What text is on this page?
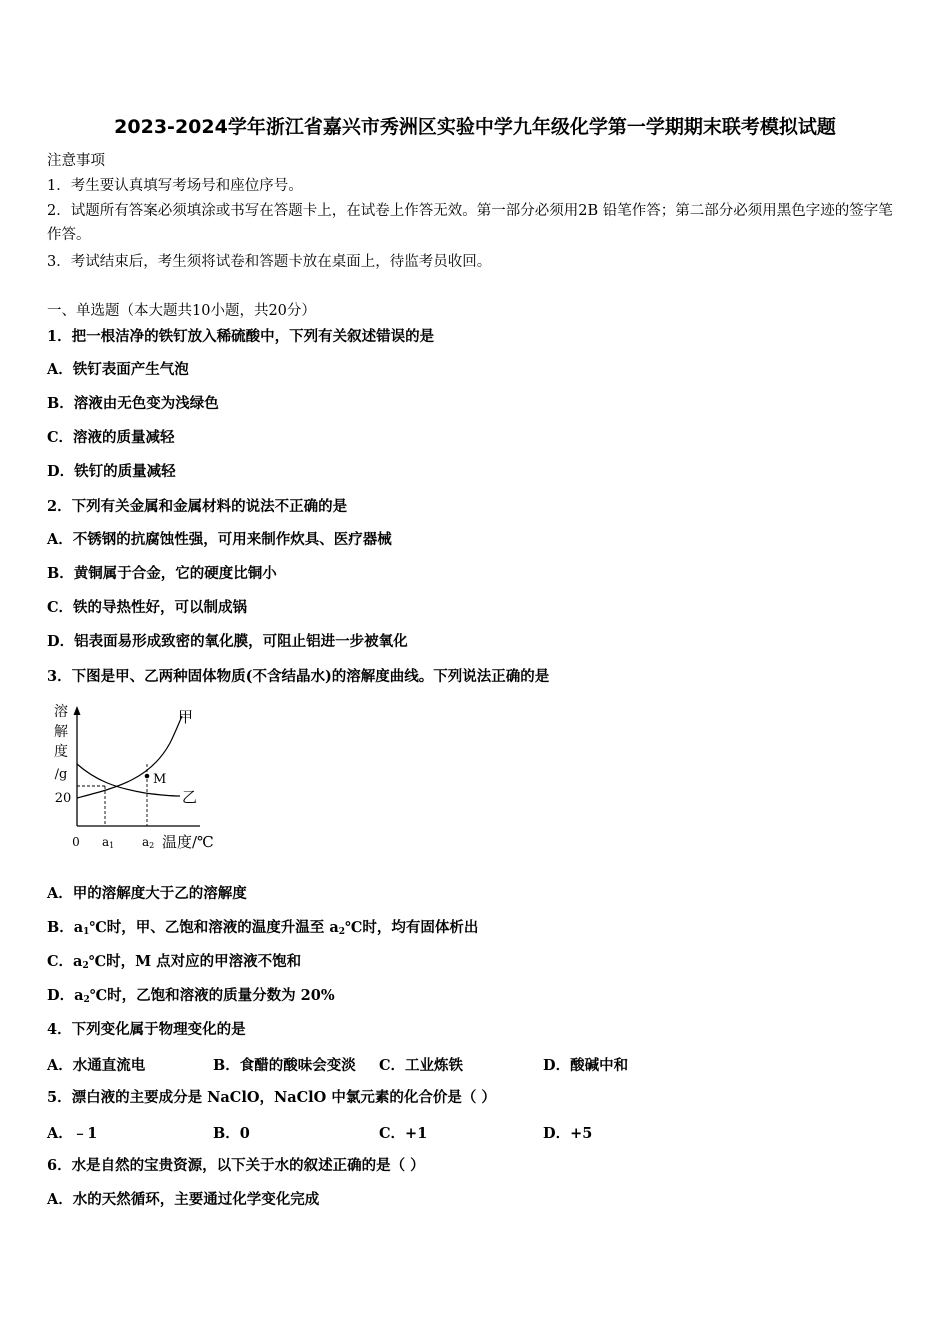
2023-2024学年浙江省嘉兴市秀洲区实验中学九年级化学第一学期期末联考模拟试题
注意事项
1．考生要认真填写考场号和座位序号。
2．试题所有答案必须填涂或书写在答题卡上，在试卷上作答无效。第一部分必须用2B 铅笔作答；第二部分必须用黑色字迹的签字笔作答。
3．考试结束后，考生须将试卷和答题卡放在桌面上，待监考员收回。
一、单选题（本大题共10小题，共20分）
1．把一根洁净的铁钉放入稀硫酸中，下列有关叙述错误的是
A．铁钉表面产生气泡
B．溶液由无色变为浅绿色
C．溶液的质量减轻
D．铁钉的质量减轻
2．下列有关金属和金属材料的说法不正确的是
A．不锈钢的抗腐蚀性强，可用来制作炊具、医疗器械
B．黄铜属于合金，它的硬度比铜小
C．铁的导热性好，可以制成锅
D．铝表面易形成致密的氧化膜，可阻止铝进一步被氧化
3．下图是甲、乙两种固体物质(不含结晶水)的溶解度曲线。下列说法正确的是
溶
解
度
/g
20
甲
乙
M
0 a1 a2 温度/℃
A．甲的溶解度大于乙的溶解度
B．$a_1℃$时，甲、乙饱和溶液的温度升温至 $a_2℃$时，均有固体析出
C．$a_2℃$时，M 点对应的甲溶液不饱和
D．$a_2℃$时，乙饱和溶液的质量分数为 20%
4．下列变化属于物理变化的是
A．水通直流电	B．食醋的酸味会变淡 C．工业炼铁	D．酸碱中和
5．漂白液的主要成分是 NaClO，NaClO 中氯元素的化合价是（ ）
A．﹣1	B．0	C．+1	D．+5
6．水是自然的宝贵资源，以下关于水的叙述正确的是（ ）
A．水的天然循环，主要通过化学变化完成
